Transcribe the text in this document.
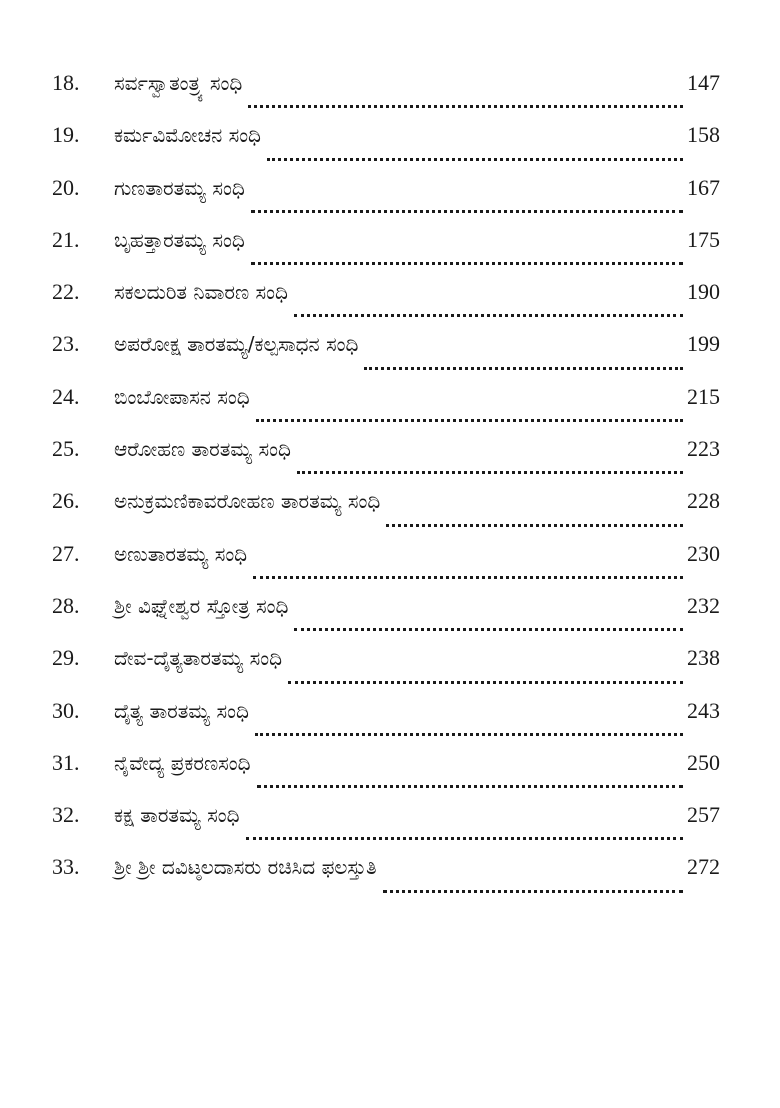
18.	ಸರ್ವಸ್ವಾತಂತ್ರ್ಯ ಸಂಧಿ	147
19.	ಕರ್ಮವಿಮೋಚನ ಸಂಧಿ	158
20.	ಗುಣತಾರತಮ್ಯ ಸಂಧಿ	167
21.	ಬೃಹತ್ತಾರತಮ್ಯ ಸಂಧಿ	175
22.	ಸಕಲದುರಿತ ನಿವಾರಣ ಸಂಧಿ	190
23.	ಅಪರೋಕ್ಷ ತಾರತಮ್ಯ/ಕಲ್ಪಸಾಧನ ಸಂಧಿ	199
24.	ಬಿಂಬೋಪಾಸನ ಸಂಧಿ	215
25.	ಆರೋಹಣ ತಾರತಮ್ಯ ಸಂಧಿ	223
26.	ಅನುಕ್ರಮಣಿಕಾವರೋಹಣ ತಾರತಮ್ಯ ಸಂಧಿ	228
27.	ಅಣುತಾರತಮ್ಯ ಸಂಧಿ	230
28.	ಶ್ರೀ ವಿಘ್ನೇಶ್ವರ ಸ್ತೋತ್ರ ಸಂಧಿ	232
29.	ದೇವ-ದೈತ್ಯತಾರತಮ್ಯ ಸಂಧಿ	238
30.	ದೈತ್ಯ ತಾರತಮ್ಯ ಸಂಧಿ	243
31.	ನೈವೇದ್ಯ ಪ್ರಕರಣಸಂಧಿ	250
32.	ಕಕ್ಷ ತಾರತಮ್ಯ ಸಂಧಿ	257
33.	ಶ್ರೀ ಶ್ರೀ ದವಿಟ್ಠಲದಾಸರು ರಚಿಸಿದ ಫಲಸ್ತುತಿ	272
